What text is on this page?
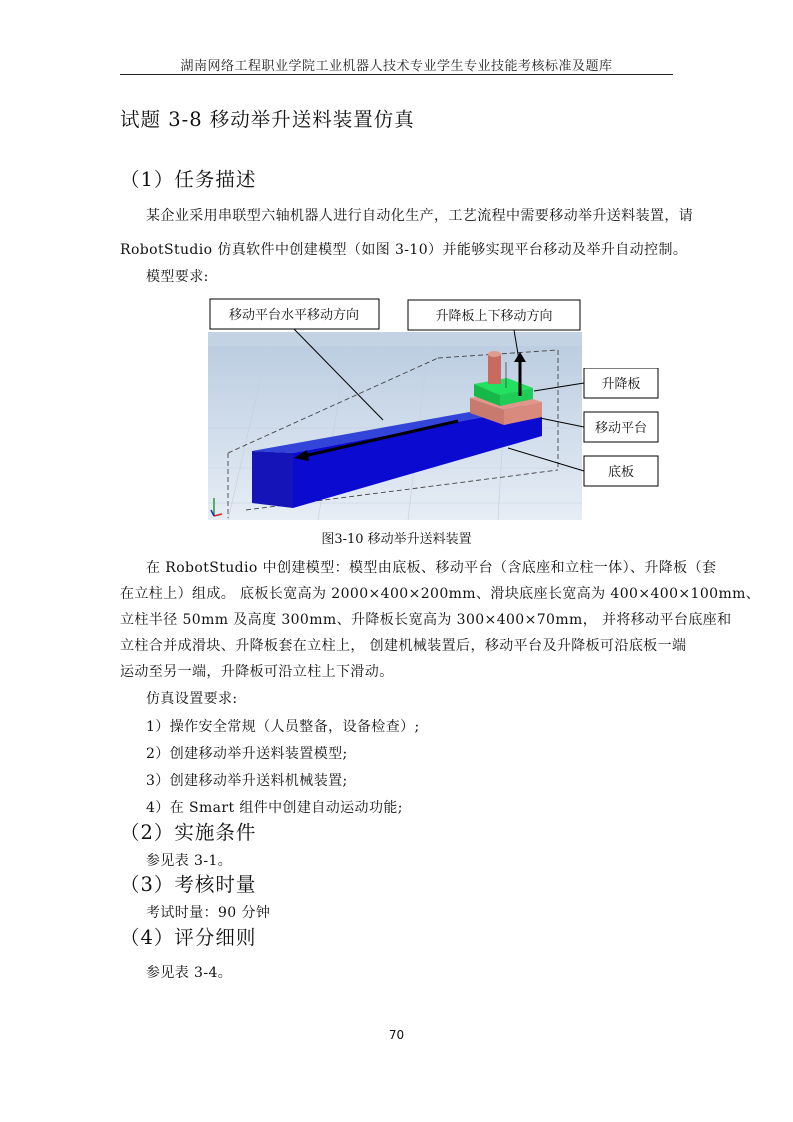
湖南网络工程职业学院工业机器人技术专业学生专业技能考核标准及题库
试题 3-8 移动举升送料装置仿真
（1）任务描述
某企业采用串联型六轴机器人进行自动化生产，工艺流程中需要移动举升送料装置，请
RobotStudio 仿真软件中创建模型（如图 3-10）并能够实现平台移动及举升自动控制。
模型要求:
移动平台水平移动方向	升降板上下移动方向
升降板
移动平台
底板
图3-10 移动举升送料装置
在 RobotStudio 中创建模型：模型由底板、移动平台（含底座和立柱一体）、升降板（套
在立柱上）组成。 底板长宽高为 2000×400×200mm、滑块底座长宽高为 400×400×100mm、
立柱半径 50mm 及高度 300mm、升降板长宽高为 300×400×70mm， 并将移动平台底座和
立柱合并成滑块、升降板套在立柱上， 创建机械装置后，移动平台及升降板可沿底板一端
运动至另一端，升降板可沿立柱上下滑动。
仿真设置要求:
1）操作安全常规（人员整备，设备检查）;
2）创建移动举升送料装置模型;
3）创建移动举升送料机械装置;
4）在 Smart 组件中创建自动运动功能;
（2）实施条件
参见表 3-1。
（3）考核时量
考试时量：90 分钟
（4）评分细则
参见表 3-4。
70
